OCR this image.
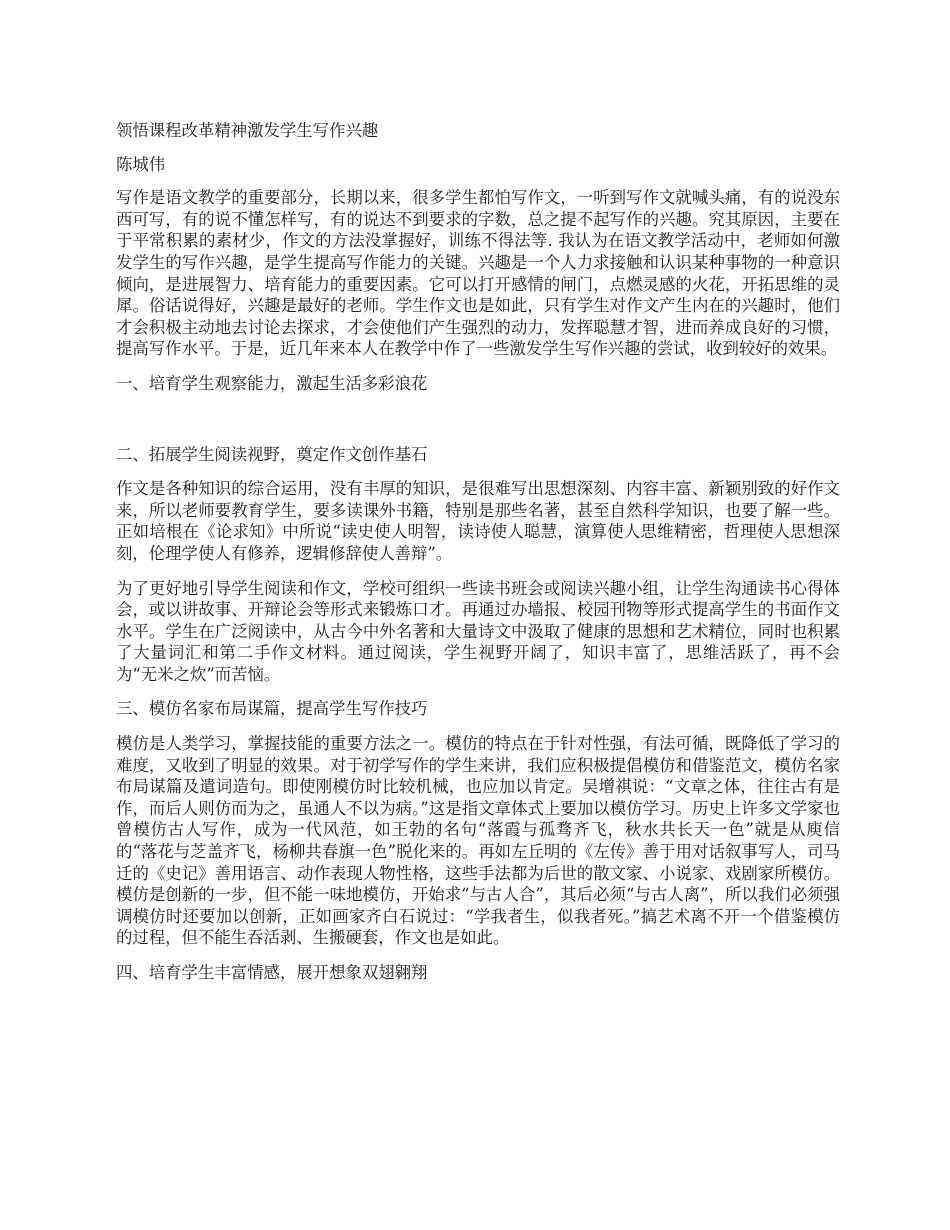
领悟课程改革精神激发学生写作兴趣

陈城伟

写作是语文教学的重要部分，长期以来，很多学生都怕写作文，一听到写作文就喊头痛，有的说没东西可写，有的说不懂怎样写，有的说达不到要求的字数，总之提不起写作的兴趣。究其原因，主要在于平常积累的素材少，作文的方法没掌握好，训练不得法等. 我认为在语文教学活动中，老师如何激发学生的写作兴趣，是学生提高写作能力的关键。兴趣是一个人力求接触和认识某种事物的一种意识倾向，是进展智力、培育能力的重要因素。它可以打开感情的闸门，点燃灵感的火花，开拓思维的灵犀。俗话说得好，兴趣是最好的老师。学生作文也是如此，只有学生对作文产生内在的兴趣时，他们才会积极主动地去讨论去探求，才会使他们产生强烈的动力，发挥聪慧才智，进而养成良好的习惯，提高写作水平。于是，近几年来本人在教学中作了一些激发学生写作兴趣的尝试，收到较好的效果。

一、培育学生观察能力，激起生活多彩浪花

二、拓展学生阅读视野，奠定作文创作基石

作文是各种知识的综合运用，没有丰厚的知识，是很难写出思想深刻、内容丰富、新颖别致的好作文来，所以老师要教育学生，要多读课外书籍，特别是那些名著，甚至自然科学知识，也要了解一些。正如培根在《论求知》中所说“读史使人明智，读诗使人聪慧，演算使人思维精密，哲理使人思想深刻，伦理学使人有修养，逻辑修辞使人善辩”。

为了更好地引导学生阅读和作文，学校可组织一些读书班会或阅读兴趣小组，让学生沟通读书心得体会，或以讲故事、开辩论会等形式来锻炼口才。再通过办墙报、校园刊物等形式提高学生的书面作文水平。学生在广泛阅读中，从古今中外名著和大量诗文中汲取了健康的思想和艺术精位，同时也积累了大量词汇和第二手作文材料。通过阅读，学生视野开阔了，知识丰富了，思维活跃了，再不会为“无米之炊”而苦恼。

三、模仿名家布局谋篇，提高学生写作技巧

模仿是人类学习，掌握技能的重要方法之一。模仿的特点在于针对性强，有法可循，既降低了学习的难度，又收到了明显的效果。对于初学写作的学生来讲，我们应积极提倡模仿和借鉴范文，模仿名家布局谋篇及遣词造句。即使刚模仿时比较机械，也应加以肯定。吴增祺说：“文章之体，往往古有是作，而后人则仿而为之，虽通人不以为病。”这是指文章体式上要加以模仿学习。历史上许多文学家也曾模仿古人写作，成为一代风范，如王勃的名句“落霞与孤骛齐飞，秋水共长天一色”就是从庾信的“落花与芝盖齐飞，杨柳共春旗一色”脱化来的。再如左丘明的《左传》善于用对话叙事写人，司马迁的《史记》善用语言、动作表现人物性格，这些手法都为后世的散文家、小说家、戏剧家所模仿。模仿是创新的一步，但不能一味地模仿，开始求“与古人合”，其后必须“与古人离”，所以我们必须强调模仿时还要加以创新，正如画家齐白石说过：“学我者生，似我者死。”搞艺术离不开一个借鉴模仿的过程，但不能生吞活剥、生搬硬套，作文也是如此。

四、培育学生丰富情感，展开想象双翅翱翔
